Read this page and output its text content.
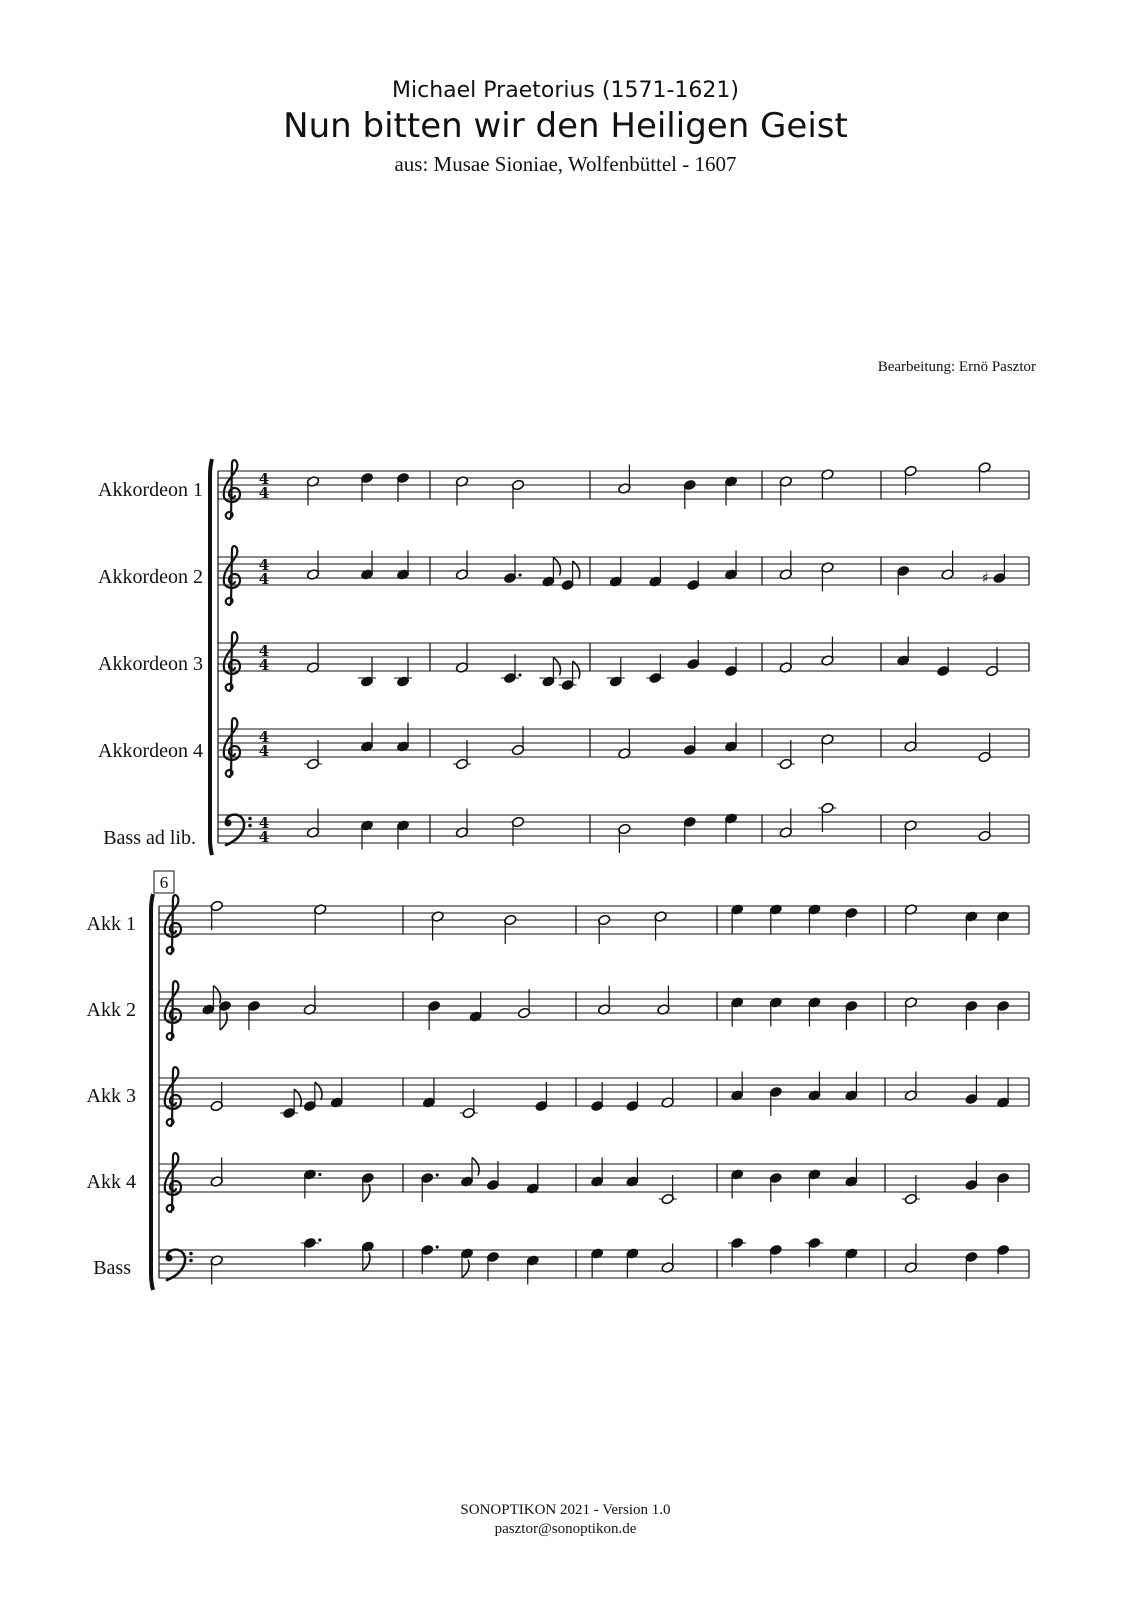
Michael Praetorius (1571-1621)
Nun bitten wir den Heiligen Geist
aus: Musae Sioniae, Wolfenbüttel - 1607
Bearbeitung: Ernö Pasztor
Akkordeon 1
Akkordeon 2
Akkordeon 3
Akkordeon 4
Bass ad lib.
4
4
4
4
4
4
4
4
4
4
♯
6
Akk 1
Akk 2
Akk 3
Akk 4
Bass
SONOPTIKON 2021 - Version 1.0
pasztor@sonoptikon.de
